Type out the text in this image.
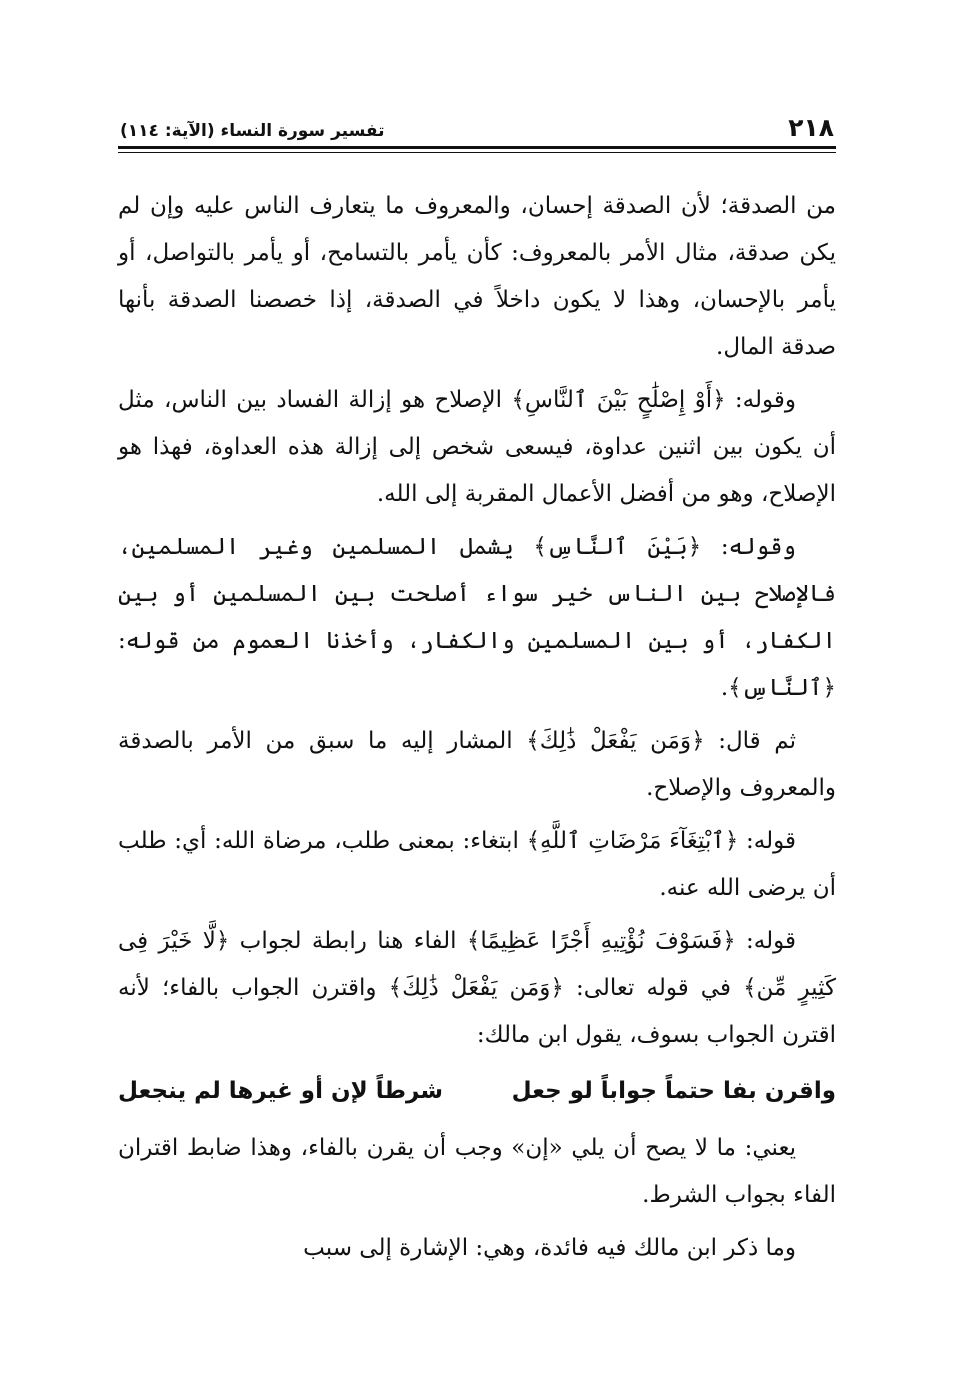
٢١٨
تفسير سورة النساء (الآية: ١١٤)

من الصدقة؛ لأن الصدقة إحسان، والمعروف ما يتعارف الناس عليه وإن لم يكن صدقة، مثال الأمر بالمعروف: كأن يأمر بالتسامح، أو يأمر بالتواصل، أو يأمر بالإحسان، وهذا لا يكون داخلاً في الصدقة، إذا خصصنا الصدقة بأنها صدقة المال.

وقوله: ﴿أَوْ إِصْلَٰحٍ بَيْنَ ٱلنَّاسِ﴾ الإصلاح هو إزالة الفساد بين الناس، مثل أن يكون بين اثنين عداوة، فيسعى شخص إلى إزالة هذه العداوة، فهذا هو الإصلاح، وهو من أفضل الأعمال المقربة إلى الله.

وقوله: ﴿بَيْنَ ٱلنَّاسِ﴾ يشمل المسلمين وغير المسلمين، فالإصلاح بين الناس خير سواء أصلحت بين المسلمين أو بين الكفار، أو بين المسلمين والكفار، وأخذنا العموم من قوله: ﴿ٱلنَّاسِ﴾.

ثم قال: ﴿وَمَن يَفْعَلْ ذَٰلِكَ﴾ المشار إليه ما سبق من الأمر بالصدقة والمعروف والإصلاح.

قوله: ﴿ٱبْتِغَآءَ مَرْضَاتِ ٱللَّهِ﴾ ابتغاء: بمعنى طلب، مرضاة الله: أي: طلب أن يرضى الله عنه.

قوله: ﴿فَسَوْفَ نُؤْتِيهِ أَجْرًا عَظِيمًا﴾ الفاء هنا رابطة لجواب ﴿لَّا خَيْرَ فِى كَثِيرٍ مِّن﴾ في قوله تعالى: ﴿وَمَن يَفْعَلْ ذَٰلِكَ﴾ واقترن الجواب بالفاء؛ لأنه اقترن الجواب بسوف، يقول ابن مالك:

واقرن بفا حتماً جواباً لو جعل
شرطاً لإن أو غيرها لم ينجعل

يعني: ما لا يصح أن يلي «إن» وجب أن يقرن بالفاء، وهذا ضابط اقتران الفاء بجواب الشرط.

وما ذكر ابن مالك فيه فائدة، وهي: الإشارة إلى سبب
